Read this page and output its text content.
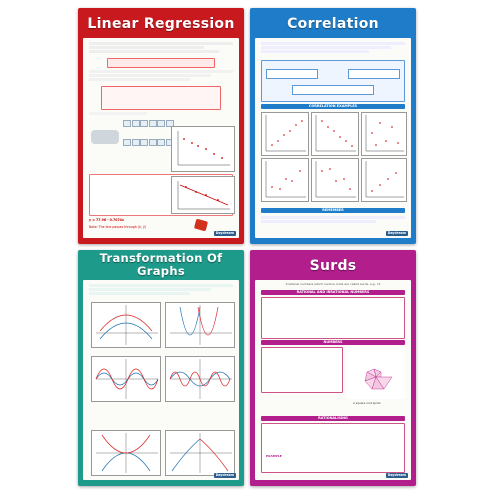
Linear Regression
y = 77.96 - 0.7074x
Note: The line passes through (x̄, ȳ)
Daydream
Correlation
CORRELATION EXAMPLES
REMEMBER
Daydream
Transformation Of Graphs
Daydream
Surds
Irrational numbers which involve roots are called surds. e.g. √2
RATIONAL AND IRRATIONAL NUMBERS
NUMBERS
A square root spiral
RATIONALISING
EXAMPLE
Daydream
